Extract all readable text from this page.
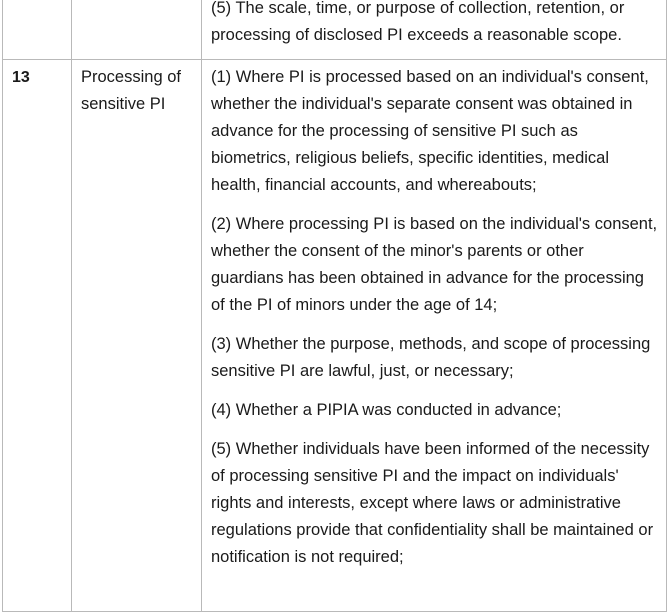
		(5) The scale, time, or purpose of collection, retention, or processing of disclosed PI exceeds a reasonable scope.

13	Processing of sensitive PI	(1) Where PI is processed based on an individual's consent, whether the individual's separate consent was obtained in advance for the processing of sensitive PI such as biometrics, religious beliefs, specific identities, medical health, financial accounts, and whereabouts;

(2) Where processing PI is based on the individual's consent, whether the consent of the minor's parents or other guardians has been obtained in advance for the processing of the PI of minors under the age of 14;

(3) Whether the purpose, methods, and scope of processing sensitive PI are lawful, just, or necessary;

(4) Whether a PIPIA was conducted in advance;

(5) Whether individuals have been informed of the necessity of processing sensitive PI and the impact on individuals' rights and interests, except where laws or administrative regulations provide that confidentiality shall be maintained or notification is not required;
